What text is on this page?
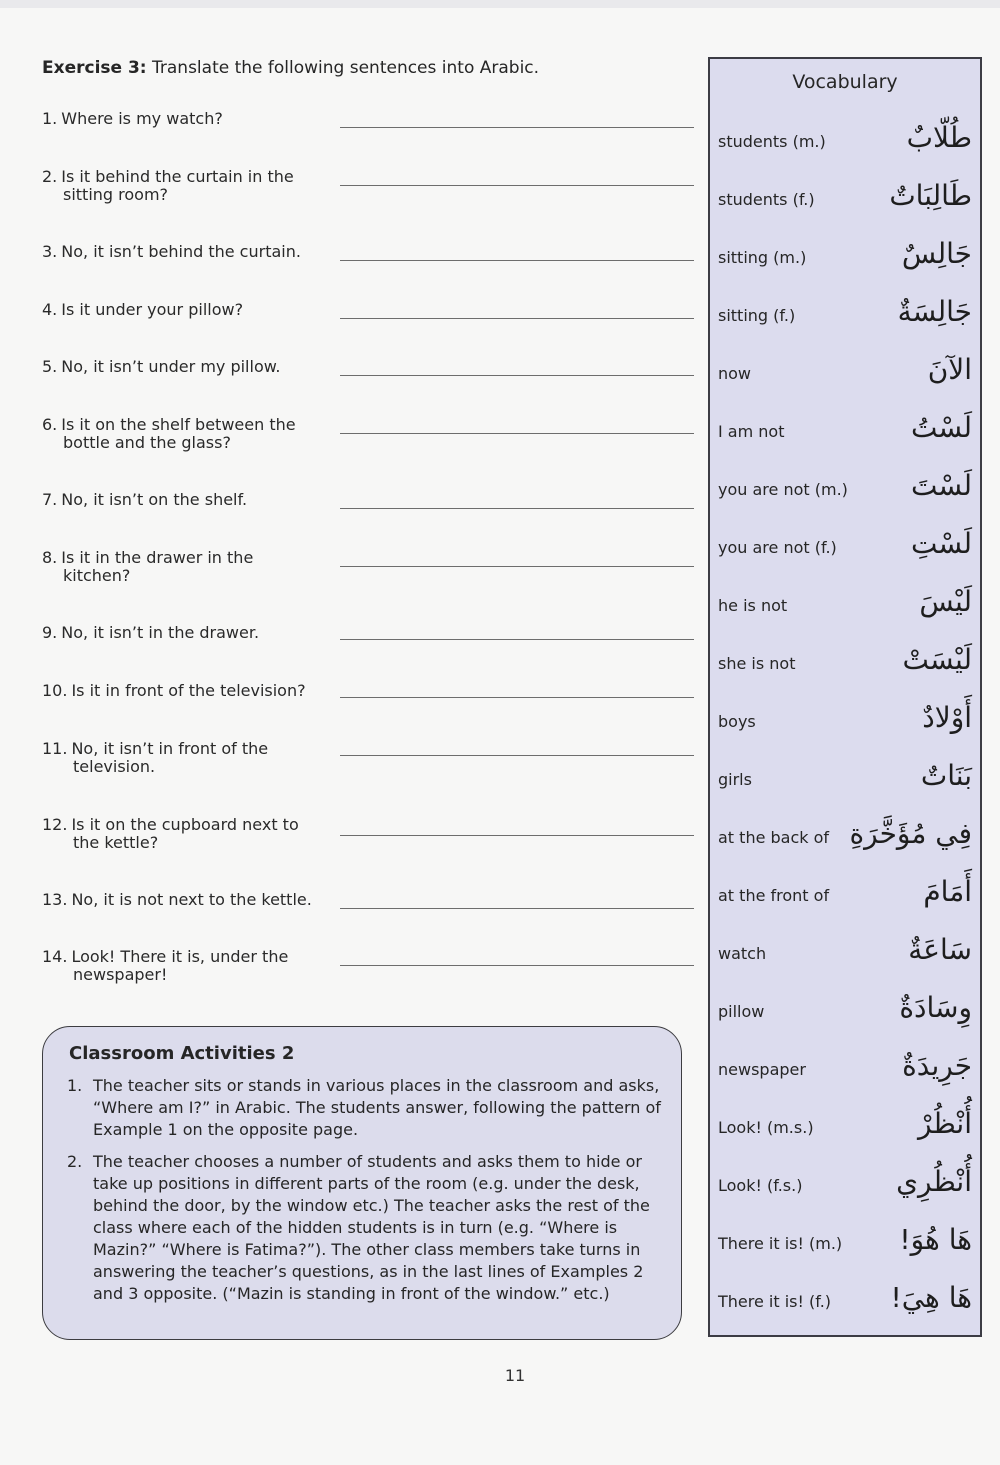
Exercise 3: Translate the following sentences into Arabic.
1. Where is my watch?
2. Is it behind the curtain in the
sitting room?
3. No, it isn’t behind the curtain.
4. Is it under your pillow?
5. No, it isn’t under my pillow.
6. Is it on the shelf between the
bottle and the glass?
7. No, it isn’t on the shelf.
8. Is it in the drawer in the
kitchen?
9. No, it isn’t in the drawer.
10. Is it in front of the television?
11. No, it isn’t in front of the
television.
12. Is it on the cupboard next to
the kettle?
13. No, it is not next to the kettle.
14. Look! There it is, under the
newspaper!
Classroom Activities 2
1. The teacher sits or stands in various places in the classroom and asks, “Where am I?” in Arabic. The students answer, following the pattern of Example 1 on the opposite page.
2. The teacher chooses a number of students and asks them to hide or take up positions in different parts of the room (e.g. under the desk, behind the door, by the window etc.) The teacher asks the rest of the class where each of the hidden students is in turn (e.g. “Where is Mazin?” “Where is Fatima?”). The other class members take turns in answering the teacher’s questions, as in the last lines of Examples 2 and 3 opposite. (“Mazin is standing in front of the window.” etc.)
11
Vocabulary
students (m.)	طُلّابٌ
students (f.)	طَالِبَاتٌ
sitting (m.)	جَالِسٌ
sitting (f.)	جَالِسَةٌ
now	الآنَ
I am not	لَسْتُ
you are not (m.) لَسْتَ
you are not (f.)	لَسْتِ
he is not	لَيْسَ
she is not	لَيْسَتْ
boys	أَوْلادٌ
girls	بَنَاتٌ
at the back of فِي مُؤَخَّرَةِ
at the front of	أَمَامَ
watch	سَاعَةٌ
pillow	وِسَادَةٌ
newspaper	جَرِيدَةٌ
Look! (m.s.)	أُنْظُرْ
Look! (f.s.)	أُنْظُرِي
There it is! (m.) هَا هُوَ!
There it is! (f.) هَا هِيَ!
